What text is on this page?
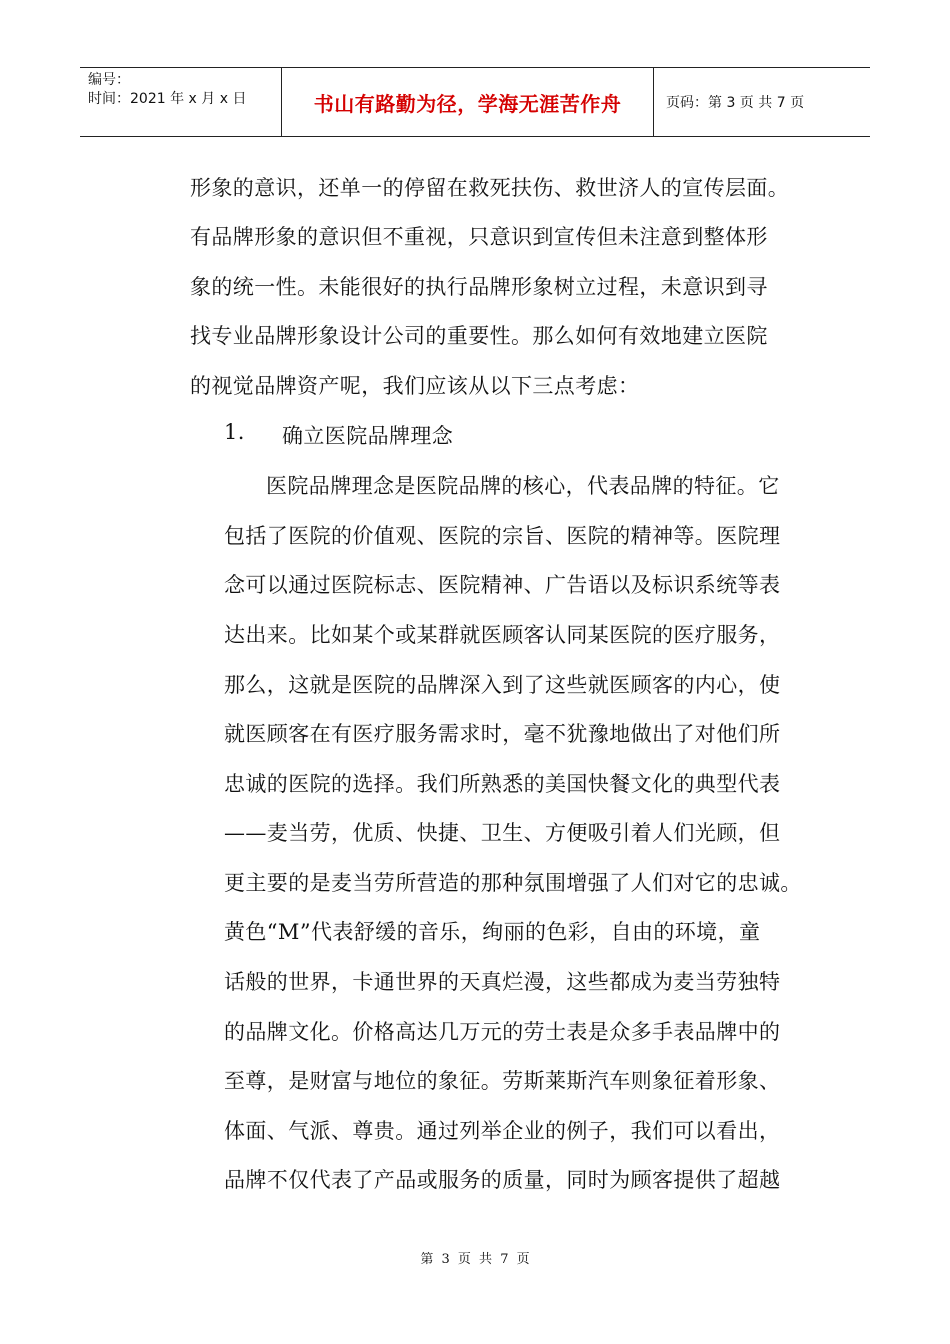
编号：
时间：2021 年 x 月 x 日	书山有路勤为径，学海无涯苦作舟	页码：第 3 页 共 7 页
形象的意识，还单一的停留在救死扶伤、救世济人的宣传层面。
有品牌形象的意识但不重视，只意识到宣传但未注意到整体形
象的统一性。未能很好的执行品牌形象树立过程，未意识到寻
找专业品牌形象设计公司的重要性。那么如何有效地建立医院
的视觉品牌资产呢，我们应该从以下三点考虑：
1. 确立医院品牌理念
医院品牌理念是医院品牌的核心，代表品牌的特征。它
包括了医院的价值观、医院的宗旨、医院的精神等。医院理
念可以通过医院标志、医院精神、广告语以及标识系统等表
达出来。比如某个或某群就医顾客认同某医院的医疗服务，
那么，这就是医院的品牌深入到了这些就医顾客的内心，使
就医顾客在有医疗服务需求时，毫不犹豫地做出了对他们所
忠诚的医院的选择。我们所熟悉的美国快餐文化的典型代表
——麦当劳，优质、快捷、卫生、方便吸引着人们光顾，但
更主要的是麦当劳所营造的那种氛围增强了人们对它的忠诚。
黄色“M”代表舒缓的音乐，绚丽的色彩，自由的环境，童
话般的世界，卡通世界的天真烂漫，这些都成为麦当劳独特
的品牌文化。价格高达几万元的劳士表是众多手表品牌中的
至尊，是财富与地位的象征。劳斯莱斯汽车则象征着形象、
体面、气派、尊贵。通过列举企业的例子，我们可以看出，
品牌不仅代表了产品或服务的质量，同时为顾客提供了超越
第 3 页 共 7 页
